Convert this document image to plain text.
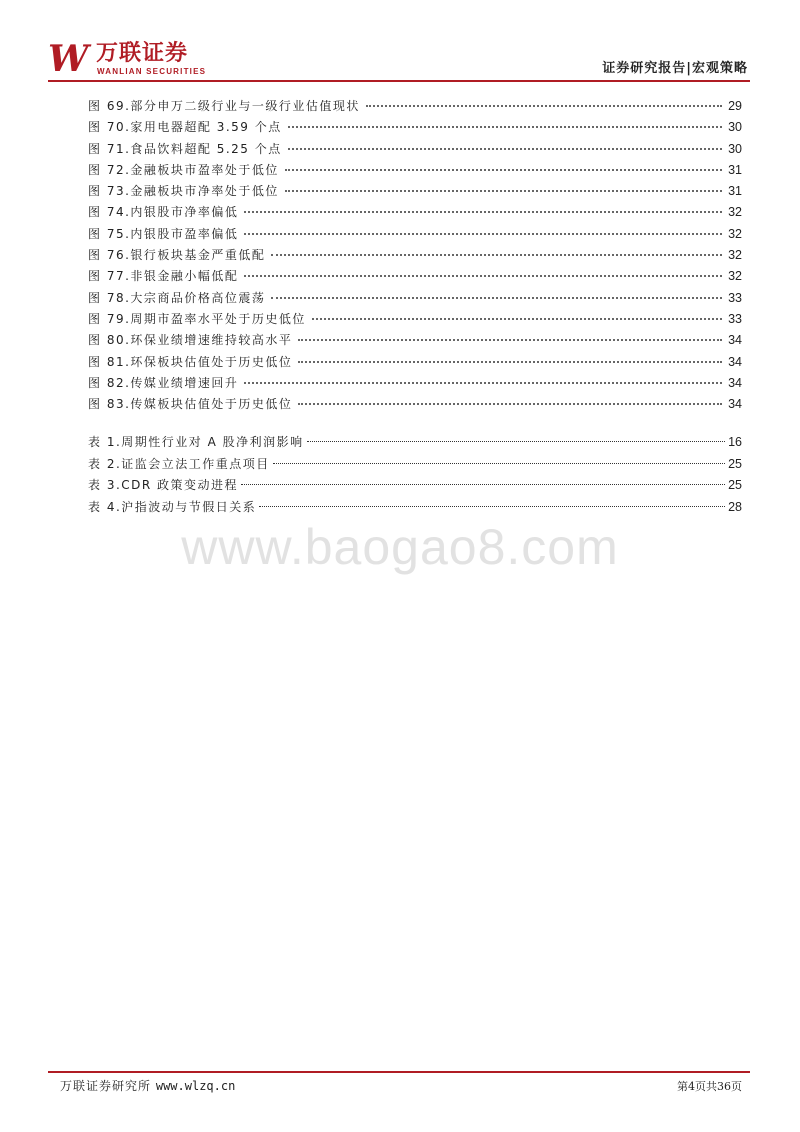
W 万联证券
WANLIAN SECURITIES	证券研究报告|宏观策略
图 69.部分申万二级行业与一级行业估值现状	29
图 70.家用电器超配 3.59 个点	30
图 71.食品饮料超配 5.25 个点	30
图 72.金融板块市盈率处于低位	31
图 73.金融板块市净率处于低位	31
图 74.内银股市净率偏低	32
图 75.内银股市盈率偏低	32
图 76.银行板块基金严重低配	32
图 77.非银金融小幅低配	32
图 78.大宗商品价格高位震荡	33
图 79.周期市盈率水平处于历史低位	33
图 80.环保业绩增速维持较高水平	34
图 81.环保板块估值处于历史低位	34
图 82.传媒业绩增速回升	34
图 83.传媒板块估值处于历史低位	34
表 1.周期性行业对 A 股净利润影响	16
表 2.证监会立法工作重点项目	25
表 3.CDR 政策变动进程	25
表 4.沪指波动与节假日关系	28
www.baogao8.com
万联证券研究所 www.wlzq.cn	第4页共36页
